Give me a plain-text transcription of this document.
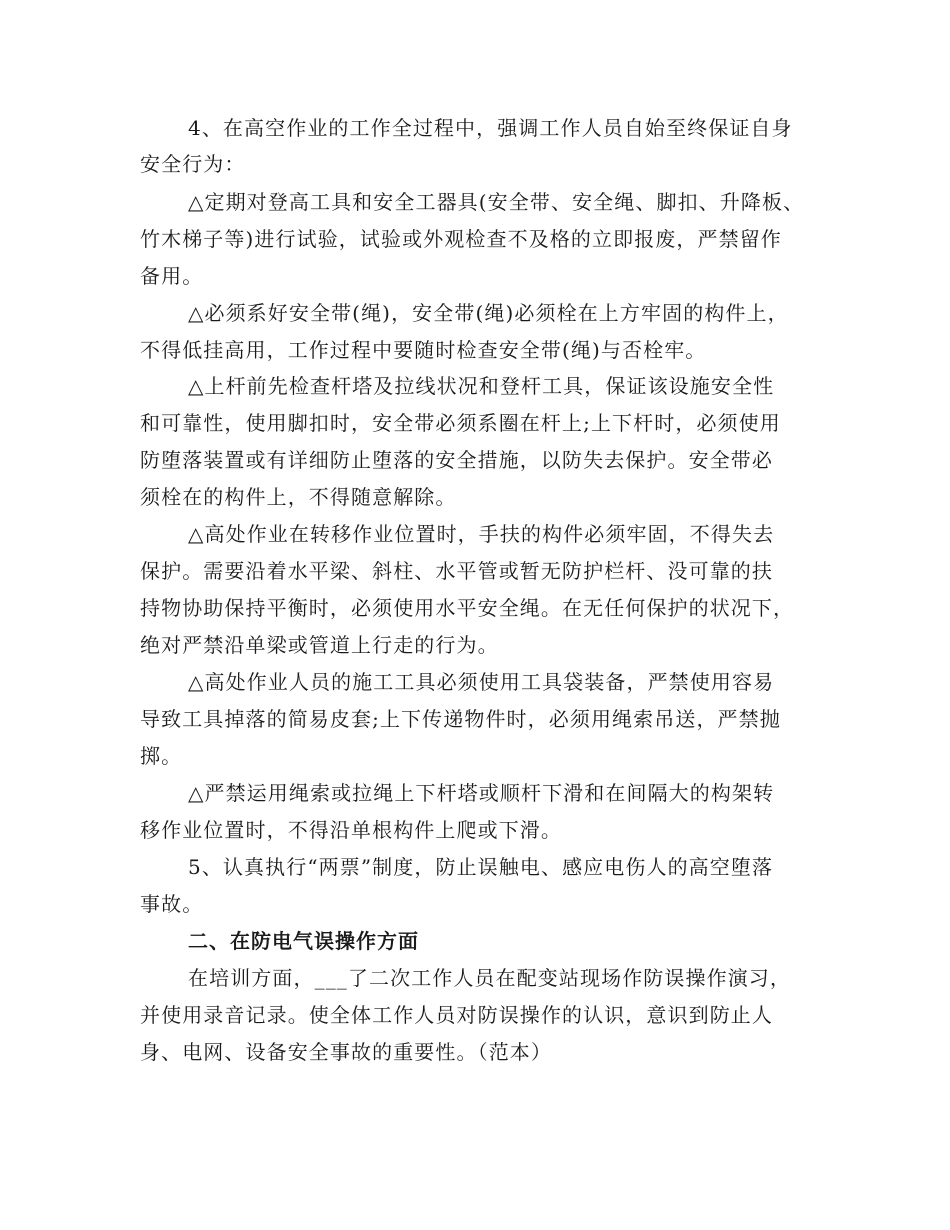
4、在高空作业的工作全过程中，强调工作人员自始至终保证自身
安全行为：
△定期对登高工具和安全工器具(安全带、安全绳、脚扣、升降板、
竹木梯子等)进行试验，试验或外观检查不及格的立即报废，严禁留作
备用。
△必须系好安全带(绳)，安全带(绳)必须栓在上方牢固的构件上，
不得低挂高用，工作过程中要随时检查安全带(绳)与否栓牢。
△上杆前先检查杆塔及拉线状况和登杆工具，保证该设施安全性
和可靠性，使用脚扣时，安全带必须系圈在杆上;上下杆时，必须使用
防堕落装置或有详细防止堕落的安全措施，以防失去保护。安全带必
须栓在的构件上，不得随意解除。
△高处作业在转移作业位置时，手扶的构件必须牢固，不得失去
保护。需要沿着水平梁、斜柱、水平管或暂无防护栏杆、没可靠的扶
持物协助保持平衡时，必须使用水平安全绳。在无任何保护的状况下，
绝对严禁沿单梁或管道上行走的行为。
△高处作业人员的施工工具必须使用工具袋装备，严禁使用容易
导致工具掉落的简易皮套;上下传递物件时，必须用绳索吊送，严禁抛
掷。
△严禁运用绳索或拉绳上下杆塔或顺杆下滑和在间隔大的构架转
移作业位置时，不得沿单根构件上爬或下滑。
5、认真执行“两票”制度，防止误触电、感应电伤人的高空堕落
事故。
二、在防电气误操作方面
在培训方面，___了二次工作人员在配变站现场作防误操作演习，
并使用录音记录。使全体工作人员对防误操作的认识，意识到防止人
身、电网、设备安全事故的重要性。（范本）
